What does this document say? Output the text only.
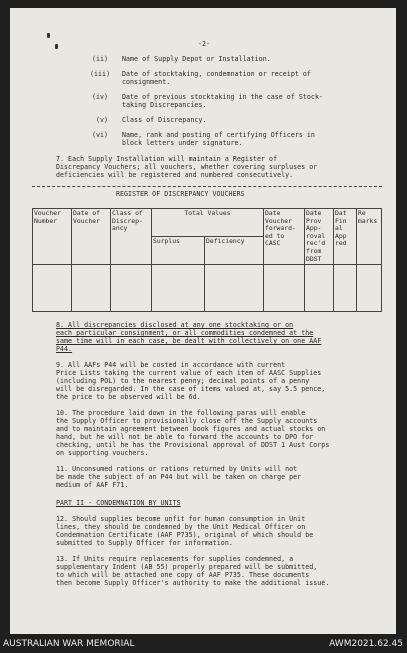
-2-
(ii) Name of Supply Depot or Installation.
(iii) Date of stocktaking, condemnation or receipt of
consignment.
(iv) Date of previous stocktaking in the case of Stock-
taking Discrepancies.
(v) Class of Discrepancy.
(vi) Name, rank and posting of certifying Officers in
block letters under signature.
7. Each Supply Installation will maintain a Register of
Discrepancy Vouchers; all vouchers, whether covering surpluses or
deficiencies will be registered and numbered consecutively.
REGISTER OF DISCREPANCY VOUCHERS
Voucher Number	Date of Voucher	Class of Discrep-ancy	Total Values		Date Voucher forward-ed to CASC	Date Prov App-roval rec'd from DDST	Dat Fin al App red	Re marks
			Surplus	Deficiency				

8. All discrepancies disclosed at any one stocktaking or on
each particular consignment, or all commodities condemned at the
same time will in each case, be dealt with collectively on one AAF
P44.
9. All AAFs P44 will be costed in accordance with current
Price Lists taking the current value of each item of AASC Supplies
(including POL) to the nearest penny; decimal points of a penny
will be disregarded. In the case of items valued at, say 5.5 pence,
the price to be observed will be 6d.
10. The procedure laid down in the following paras will enable
the Supply Officer to provisionally close off the Supply accounts
and to maintain agreement between book figures and actual stocks on
hand, but he will not be able to forward the accounts to DPO for
checking, until he has the Provisional approval of DDST 1 Aust Corps
on supporting vouchers.
11. Unconsumed rations or rations returned by Units will not
be made the subject of an P44 but will be taken on charge per
medium of AAF F71.
PART II - CONDEMNATION BY UNITS
12. Should supplies become unfit for human consumption in Unit
lines, they should be condemned by the Unit Medical Officer on
Condemnation Certificate (AAF P735), original of which should be
submitted to Supply Officer for information.
13. If Units require replacements for supplies condemned, a
supplementary Indent (AB 55) properly prepared will be submitted,
to which will be attached one copy of AAF P735. These documents
then become Supply Officer's authority to make the additional issue.
AUSTRALIAN WAR MEMORIAL	AWM2021.62.45
